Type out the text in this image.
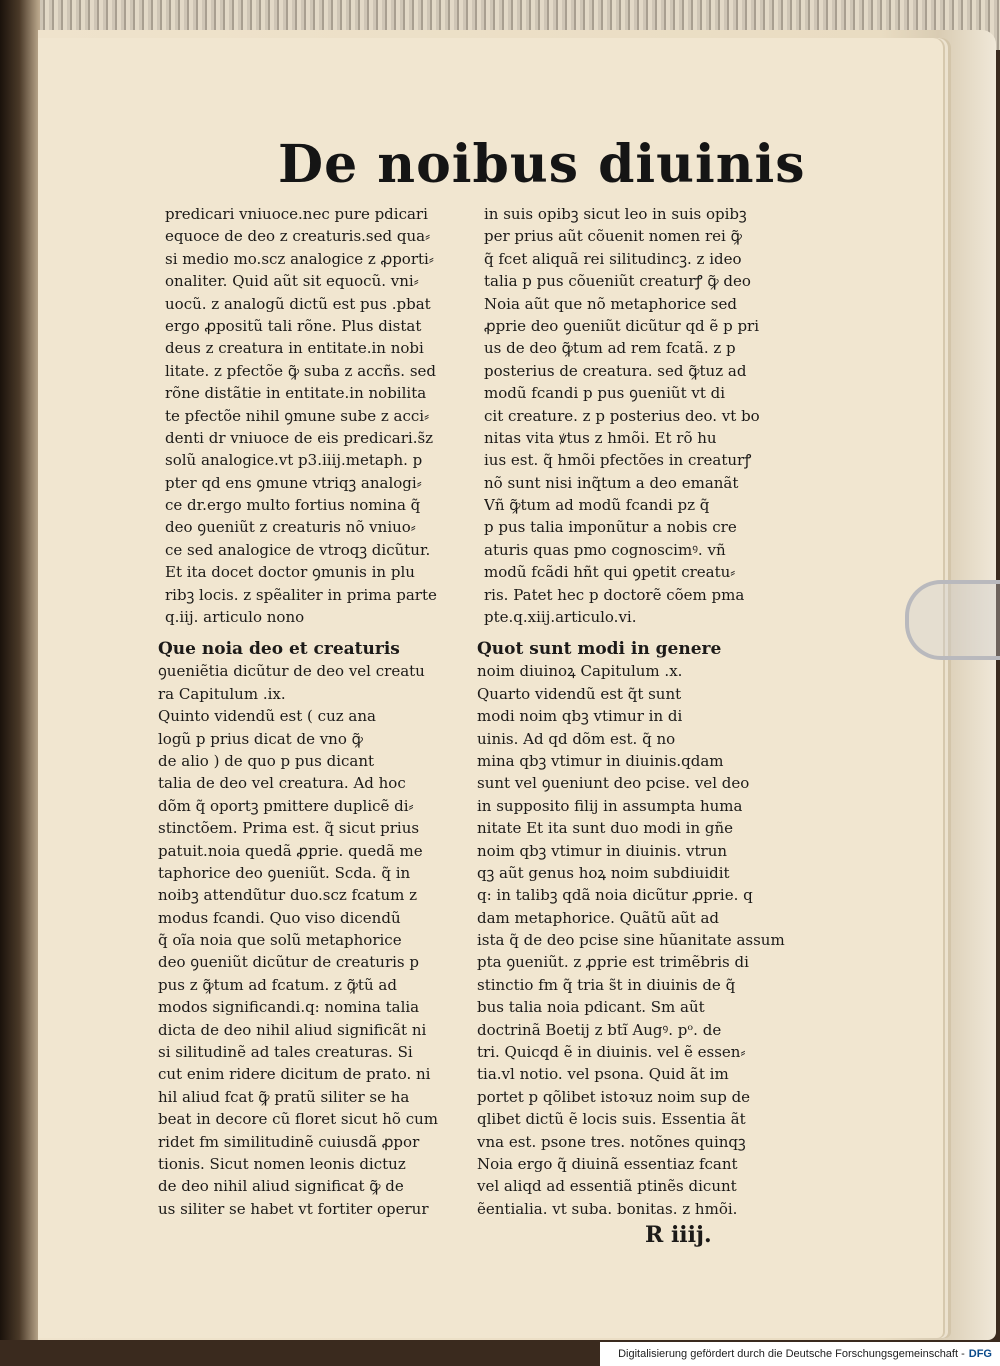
De noibus diuinis
predicari vniuoce.nec pure pdicari
equoce de deo z creaturis.sed qua⸗
si medio mo.scz analogice z ꝓporti⸗
onaliter. Quid aũt sit equocũ. vni⸗
uocũ. z analogũ dictũ est pus .pbat
ergo ꝓpositũ tali rõne. Plus distat
deus z creatura in entitate.in nobi
litate. z pfectõe ꝙ̃ suba z accñs. sed
rõne distãtie in entitate.in nobilita
te pfectõe nihil ꝯmune sube z acci⸗
denti dr vniuoce de eis predicari.s̃z
solũ analogice.vt p3.iiij.metaph. p
pter qd ens ꝯmune vtriqꝫ analogi⸗
ce dr.ergo multo fortius nomina q̃
deo ꝯueniũt z creaturis nõ vniuo⸗
ce sed analogice de vtroqꝫ dicũtur.
Et ita docet doctor ꝯmunis in plu
ribꝫ locis. z spẽaliter in prima parte
q.iij. articulo nono
in suis opibꝫ sicut leo in suis opibꝫ
per prius aũt cõuenit nomen rei ꝙ̃
q̃ fcet aliquã rei silitudincꝫ. z ideo
talia p pus cõueniũt creaturꝭ ꝙ̃ deo
Noia aũt que nõ metaphorice sed
ꝓprie deo ꝯueniũt dicũtur qd ẽ p pri
us de deo ꝙ̃tum ad rem fcatã. z p
posterius de creatura. sed ꝙ̃tuz ad
modũ fcandi p pus ꝯueniũt vt di
cit creature. z p posterius deo. vt bo
nitas vita ꝟtus z hmõi. Et rõ hu
ius est. q̃ hmõi pfectões in creaturꝭ
nõ sunt nisi inq̃tum a deo emanãt
Vñ ꝙ̃tum ad modũ fcandi pz q̃
p pus talia imponũtur a nobis cre
aturis quas pmo cognoscimꝰ. vñ
modũ fcãdi hñt qui ꝯpetit creatu⸗
ris. Patet hec p doctorẽ cõem pma
pte.q.xiij.articulo.vi.
Que noia deo et creaturis
ꝯueniẽtia dicũtur de deo vel creatu
ra Capitulum .ix.
Quinto videndũ est ( cuz ana
logũ p prius dicat de vno ꝙ̃
de alio ) de quo p pus dicant
talia de deo vel creatura. Ad hoc
dõm q̃ oportꝫ pmittere duplicẽ di⸗
stinctõem. Prima est. q̃ sicut prius
patuit.noia quedã ꝓprie. quedã me
taphorice deo ꝯueniũt. Scda. q̃ in
noibꝫ attendũtur duo.scz fcatum z
modus fcandi. Quo viso dicendũ
q̃ oĩa noia que solũ metaphorice
deo ꝯueniũt dicũtur de creaturis p
pus z ꝙ̃tum ad fcatum. z ꝙ̃tũ ad
modos significandi.q: nomina talia
dicta de deo nihil aliud significãt ni
si silitudinẽ ad tales creaturas. Si
cut enim ridere dicitum de prato. ni
hil aliud fcat ꝙ̃ pratũ siliter se ha
beat in decore cũ floret sicut hõ cum
ridet fm similitudinẽ cuiusdã ꝓpor
tionis. Sicut nomen leonis dictuz
de deo nihil aliud significat ꝙ̃ de
us siliter se habet vt fortiter operur
Quot sunt modi in genere
noim diuinoꝝ Capitulum .x.
Quarto videndũ est q̃t sunt
modi noim qbꝫ vtimur in di
uinis. Ad qd dõm est. q̃ no
mina qbꝫ vtimur in diuinis.qdam
sunt vel ꝯueniunt deo pcise. vel deo
in supposito filij in assumpta huma
nitate Et ita sunt duo modi in gñe
noim qbꝫ vtimur in diuinis. vtrun
qꝫ aũt genus hoꝝ noim subdiuidit
q: in talibꝫ qdã noia dicũtur ꝓprie. q
dam metaphorice. Quãtũ aũt ad
ista q̃ de deo pcise sine hũanitate assum
pta ꝯueniũt. z ꝓprie est trimẽbris di
stinctio fm q̃ tria s̃t in diuinis de q̃
bus talia noia pdicant. Sm aũt
doctrinã Boetij z btĩ Augꝰ. pᵒ. de
tri. Quicqd ẽ in diuinis. vel ẽ essen⸗
tia.vl notio. vel psona. Quid ãt im
portet p qõlibet istoꝛuz noim sup de
qlibet dictũ ẽ locis suis. Essentia ãt
vna est. psone tres. notõnes quinqꝫ
Noia ergo q̃ diuinã essentiaz fcant
vel aliqd ad essentiã ptinẽs dicunt
ẽentialia. vt suba. bonitas. z hmõi.
R iiij.
Digitalisierung gefördert durch die Deutsche Forschungsgemeinschaft - DFG
